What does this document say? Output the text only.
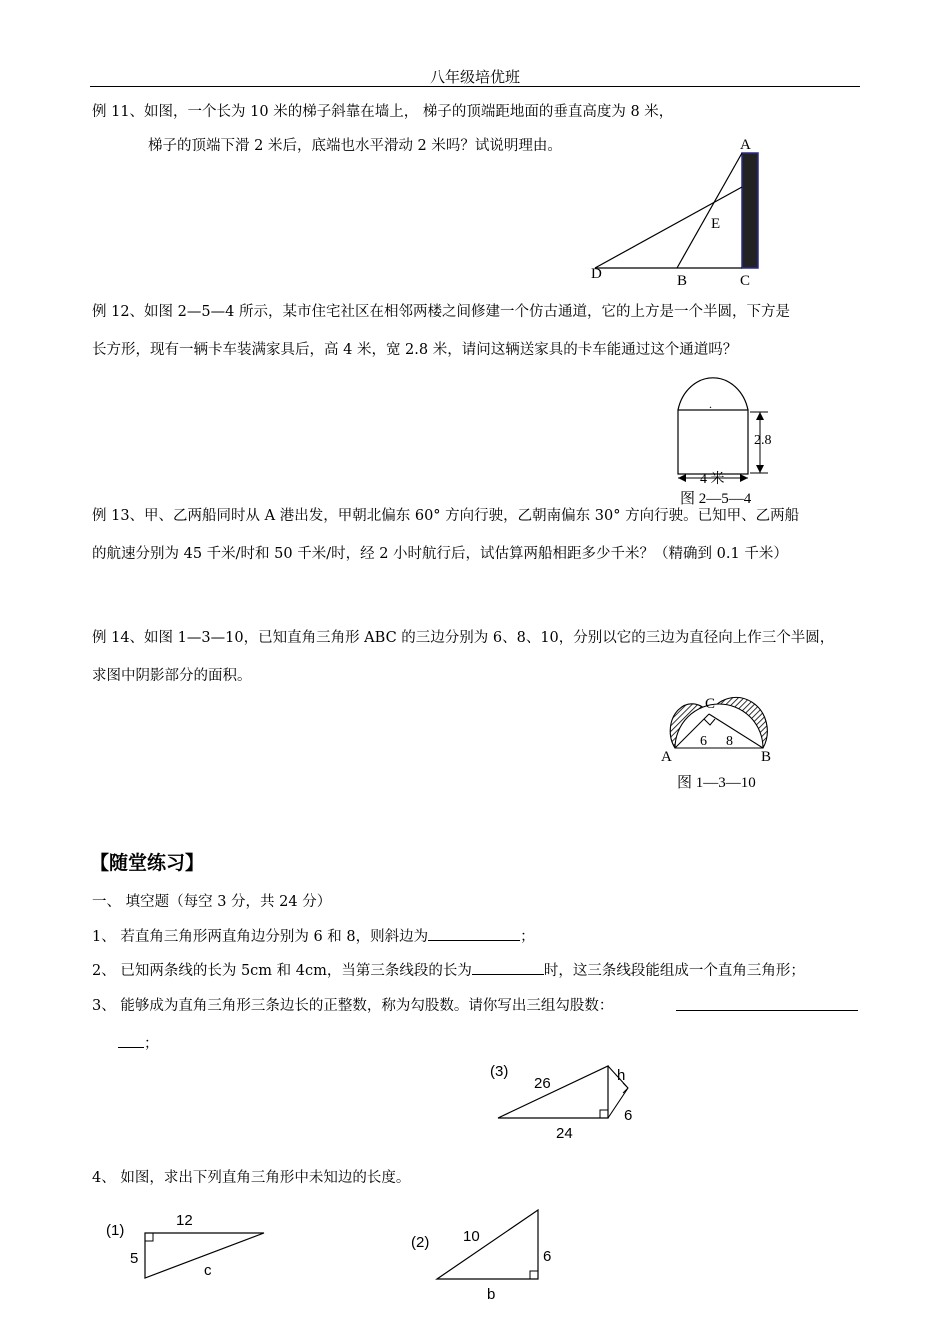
八年级培优班
例 11、如图，一个长为 10 米的梯子斜靠在墙上， 梯子的顶端距地面的垂直高度为 8 米，
梯子的顶端下滑 2 米后，底端也水平滑动 2 米吗？试说明理由。	A
E
D	B	C
例 12、如图 2—5—4 所示，某市住宅社区在相邻两楼之间修建一个仿古通道，它的上方是一个半圆，下方是
长方形，现有一辆卡车装满家具后，高 4 米，宽 2.8 米，请问这辆送家具的卡车能通过这个通道吗？
.
2.8
4 米
图 2—5—4
例 13、甲、乙两船同时从 A 港出发，甲朝北偏东 60° 方向行驶，乙朝南偏东 30° 方向行驶。已知甲、乙两船
的航速分别为 45 千米/时和 50 千米/时，经 2 小时航行后，试估算两船相距多少千米？（精确到 0.1 千米）
例 14、如图 1—3—10，已知直角三角形 ABC 的三边分别为 6、8、10，分别以它的三边为直径向上作三个半圆，
求图中阴影部分的面积。
C
A	B
6 8
图 1—3—10
【随堂练习】
一、 填空题（每空 3 分，共 24 分）
1、 若直角三角形两直角边分别为 6 和 8，则斜边为	；
2、 已知两条线的长为 5cm 和 4cm，当第三条线段的长为	时，这三条线段能组成一个直角三角形；
3、 能够成为直角三角形三条边长的正整数，称为勾股数。请你写出三组勾股数：
；
(3)
26
24
h
6
4、 如图，求出下列直角三角形中未知边的长度。
(1)
12
5
c
(2) 10
6
b
